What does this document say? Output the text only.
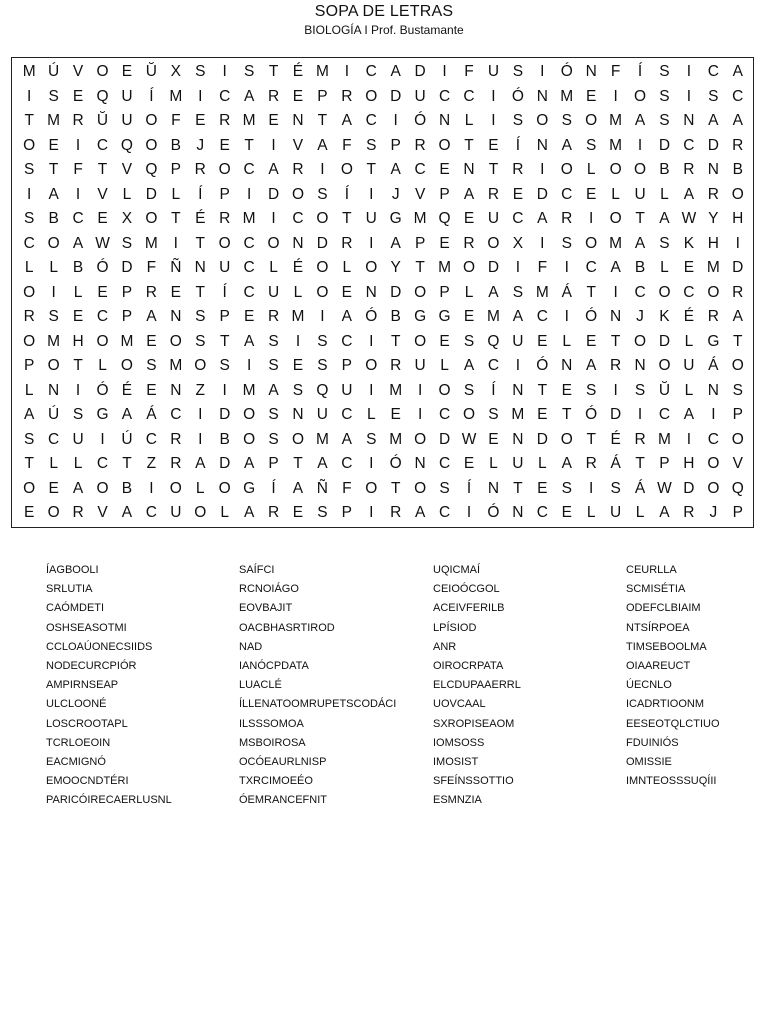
SOPA DE LETRAS
BIOLOGÍA I Prof. Bustamante
M Ú V O E Ŭ X S	I	S T É M	I	C A D	I	F U S	I	Ó N F	Í	S	I	C A
I	S E Q U	Í	M	I	C A R E P R O D U C C	I	Ó N M E	I	O S	I	S C
T M R Ŭ U O F E R M E N T A C	I	Ó N L	I	S O S O M A S N A A
O E	I	C Q O B J E T	I	V A F S P R O T E	Í	N A S M	I	D C D R
S T F T V Q P R O C A R	I	O T A C E N T R	I	O L O O B R N B
I	A	I	V L D L	Í	P	I	D O S	Í	I	J V P A R E D C E L U L A R O
S B C E X O T É R M	I	C O T U G M Q E U C A R	I	O T A W Y H
C O A W S M	I	T O C O N D R	I	A P E R O X	I	S O M A S K H	I
L	L B Ó D F Ñ N U C L É O L O Y T M O D	I	F	I	C A B L E M D
O	I	L E P R E T	Í	C U L O E N D O P L A S M Á T	I	C O C O R
R S E C P A N S P E R M	I	A Ó B G G E M A C	I	Ó N J K É R A
O M H O M E O S T A S	I	S C	I	T O E S Q U E L E T O D L G T
P O T L O S M O S	I	S E S P O R U L A C	I	Ó N A R N O U Á O
L N	I	Ó É E N Z	I	M A S Q U	I	M	I	O S	Í	N T E S	I	S Ŭ L N S
A Ú S G A Á C	I	D O S N U C L E	I	C O S M E T Ó D	I	C A	I	P
S C U	I	Ú C R	I	B O S O M A S M O D W E N D O T É R M	I	C O
T L	L C T Z R A D A P T A C	I	Ó N C E L U L A R Á T P H O V
O E A O B	I	O L O G	Í	A Ñ F O T O S	Í	N T E S	I	S Á W D O Q
E O R V A C U O L A R E S P	I	R A C	I	Ó N C E L U L A R J P
ÍAGBOOLI
SRLUTIA
CAÓMDETI
OSHSEASOTMI
CCLOAÚONECSIIDS
NODECURCPIÓR
AMPIRNSEAP
ULCLOONÉ
LOSCROOTAPL
TCRLOEOIN
EACMIGNÓ
EMOOCNDTÉRI
PARICÓIRECAERLUSNL
SAÍFCI
RCNOIÁGO
EOVBAJIT
OACBHASRTIROD
NAD
IANÓCPDATA
LUACLÉ
ÍLLENATOOMRUPETSCODÁCI
ILSSSOMOA
MSBOIROSA
OCÓEAURLNISP
TXRCIMOEÉO
ÓEMRANCEFNIT
UQICMAÍ
CEIOÓCGOL
ACEIVFERILB
LPÍSIOD
ANR
OIROCRPATA
ELCDUPAAERRL
UOVCAAL
SXROPISEAOM
IOMSOSS
IMOSIST
SFEÍNSSOTTIO
ESMNZIA
CEURLLA
SCMISÉTIA
ODEFCLBIAIM
NTSÍRPOEA
TIMSEBOOLMA
OIAAREUCT
ÚECNLO
ICADRTIOONM
EESEOTQLCTIUO
FDUINIÓS
OMISSIE
IMNTEOSSSUQÍII
